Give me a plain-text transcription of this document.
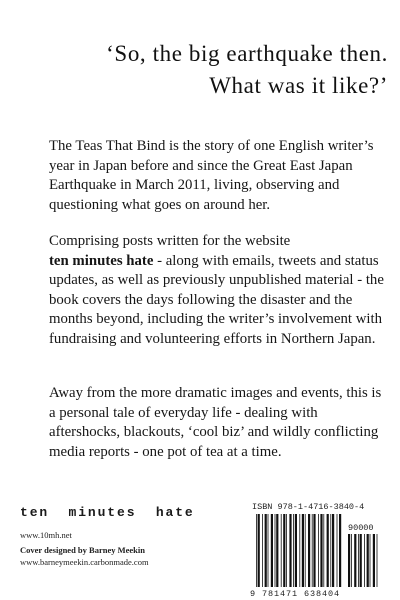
‘So, the big earthquake then.
What was it like?’

The Teas That Bind is the story of one English writer’s year in Japan before and since the Great East Japan Earthquake in March 2011, living, observing and questioning what goes on around her.

Comprising posts written for the website
ten minutes hate - along with emails, tweets and status updates, as well as previously unpublished material - the book covers the days following the disaster and the months beyond, including the writer’s involvement with fundraising and volunteering efforts in Northern Japan.

Away from the more dramatic images and events, this is a personal tale of everyday life - dealing with aftershocks, blackouts, ‘cool biz’ and wildly conflicting media reports - one pot of tea at a time.

ten  minutes  hate

www.10mh.net

Cover designed by Barney Meekin

www.barneymeekin.carbonmade.com

ISBN 978-1-4716-3840-4
90000
9 781471 638404
